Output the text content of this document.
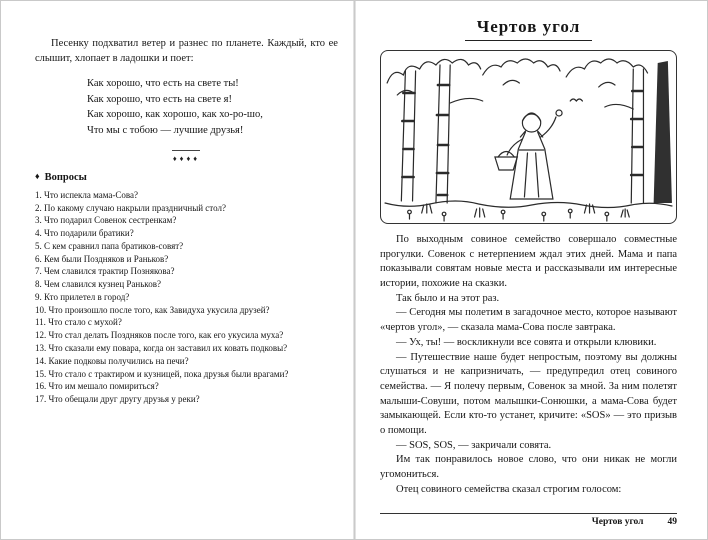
Песенку подхватил ветер и разнес по планете. Каждый, кто ее слышит, хлопает в ладошки и поет:

Как хорошо, что есть на свете ты!
Как хорошо, что есть на свете я!
Как хорошо, как хорошо, как хо-ро-шо,
Что мы с тобою — лучшие друзья!
♦♦♦♦
♦ Вопросы
1. Что испекла мама-Сова?
2. По какому случаю накрыли праздничный стол?
3. Что подарил Совенок сестренкам?
4. Что подарили братики?
5. С кем сравнил папа братиков-совят?
6. Кем были Поздняков и Раньков?
7. Чем славился трактир Познякова?
8. Чем славился кузнец Раньков?
9. Кто прилетел в город?
10. Что произошло после того, как Завидуха укусила друзей?
11. Что стало с мухой?
12. Что стал делать Поздняков после того, как его укусила муха?
13. Что сказали ему повара, когда он заставил их ковать подковы?
14. Какие подковы получились на печи?
15. Что стало с трактиром и кузницей, пока друзья были врагами?
16. Что им мешало помириться?
17. Что обещали друг другу друзья у реки?
Чертов угол

По выходным совиное семейство совершало совместные прогулки. Совенок с нетерпением ждал этих дней. Мама и папа показывали совятам новые места и рассказывали им интересные истории, похожие на сказки.

Так было и на этот раз.

— Сегодня мы полетим в загадочное место, которое называют «чертов угол», — сказала мама-Сова после завтрака.

— Ух, ты! — воскликнули все совята и открыли клювики.

— Путешествие наше будет непростым, поэтому вы должны слушаться и не капризничать, — предупредил отец совиного семейства. — Я полечу первым, Совенок за мной. За ним полетят малыши-Совуши, потом малышки-Сонюшки, а мама-Сова будет замыкающей. Если кто-то устанет, кричите: «SOS» — это призыв о помощи.

— SOS, SOS, — закричали совята.

Им так понравилось новое слово, что они никак не могли угомониться.

Отец совиного семейства сказал строгим голосом:

Чертов угол	49
